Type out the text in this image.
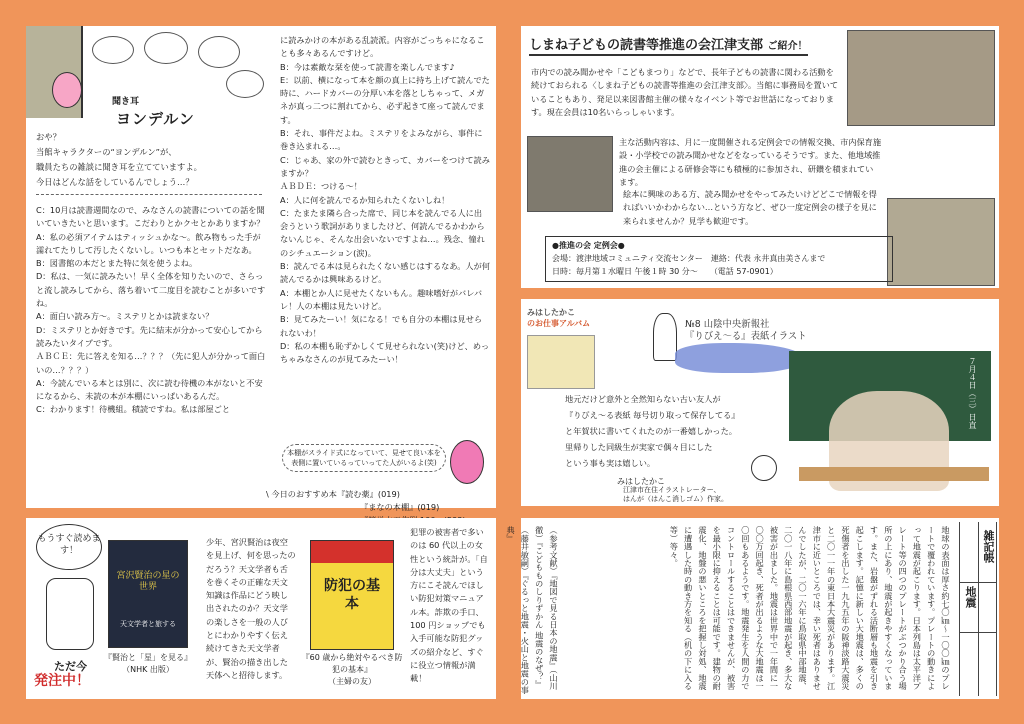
聞き耳
ヨンデルン
おや？
当館キャラクターの“ヨンデルン”が、
職員たちの雑談に聞き耳を立てていますよ。
今日はどんな話をしているんでしょう…？
C：10月は読書週間なので、みなさんの読書についての話を聞いていきたいと思います。こだわりとかクセとかありますか？
A：私の必須アイテムはティッシュかな〜。飲み物もった手が濡れてたりして汚したくないし。いつも本とセットだなあ。
B：図書館の本だとまた特に気を使うよね。
D：私は、一気に読みたい！早く全体を知りたいので、さらっと流し読みしてから、落ち着いて二度目を読むことが多いですね。
A：面白い読み方〜。ミステリとかは読まない？
D：ミステリとか好きです。先に結末が分かって安心してから読みたいタイプです。
ＡＢＣＥ：先に答えを知る…？？？（先に犯人が分かって面白いの…？？？）
A：今読んでいる本とは別に、次に読む待機の本がないと不安になるから、未読の本が本棚にいっぱいあるんだ。
C：わかります！待機組。積読ですね。私は部屋ごと
に読みかけの本がある乱読派。内容がごっちゃになることも多々あるんですけど。
B：今は素敵な栞を使って読書を楽しんでます♪
E：以前、横になって本を顔の真上に持ち上げて読んでた時に、ハードカバーの分厚い本を落としちゃって、メガネが真っ二つに割れてから、必ず起きて座って読んでます。
B：それ、事件だよね。ミステリをよみながら、事件に巻き込まれる…。
C：じゃあ、家の外で読むときって、カバーをつけて読みますか？
ＡＢＤＥ：つける〜！
A：人に何を読んでるか知られたくないしね！
C：たまたま隣ら合った席で、同じ本を読んでる人に出会うという歌詞がありましたけど、何読んでるかわからないんじゃ、そんな出会いないですよね…。残念、憧れのシチュエーション(涙)。
B：読んでる本は見られたくない感じはするなあ。人が何読んでるかは興味あるけど。
A：本棚とか人に見せたくないもん。趣味嗜好がバレバレ！人の本棚は見たいけど。
B：見てみたーい！気になる！でも自分の本棚は見せられないわ！
D：私の本棚も恥ずかしくて見せられない(笑)けど、めっちゃみなさんのが見てみたーい！
本棚がスライド式になっていて、見せて良い本を表側に置いているっていってた人がいるよ(笑)
\ 今日のおすすめ本『読む薬』(019)
『まなの本棚』(019)
しまね子どもの読書等推進の会江津支部 ご紹介！
市内での読み聞かせや「こどもまつり」などで、長年子どもの読書に関わる活動を続けておられる〈しまね子どもの読書等推進の会江津支部〉。当館に事務局を置いていることもあり、発足以来図書館主催の様々なイベント等でお世話になっております。現在会員は10名いらっしゃいます。
主な活動内容は、月に一度開催される定例会での情報交換、市内保育施設・小学校での読み聞かせなどをなっているそうです。また、他地域推進の会主催による研修会等にも積極的に参加され、研鑽を積まれています。
絵本に興味のある方、読み聞かせをやってみたいけどどこで情報を得ればいいかわからない…という方など、ぜひ一度定例会の様子を見に来られませんか？見学も歓迎です。
●推進の会 定例会●
会場：渡津地域コミュニティ交流センター　 連絡：代表 永井真由美さんまで
日時：毎月第１水曜日 午後１時 30 分〜　　 （電話 57-0901）
みはしたかこ
のお仕事アルバム	№8 山陰中央新報社
『りびえ〜る』表紙イラスト
７月４日（三）日直
地元だけど意外と全然知らない古い友人が
『りびえ〜る表紙 毎号切り取って保存してる』
と年賀状に書いてくれたのが一番嬉しかった。
里帰りした同級生が実家で偶々目にした
という事も実は嬉しい。
みはしたかこ
江津市在住イラストレーター、
はんが（はんこ消しゴム）作家。
もうすぐ読めます！
ただ今
発注中！
宮沢賢治の星の世界
天文学者と旅する
『賢治と「星」を見る』
（NHK 出版）
少年、宮沢賢治は夜空を見上げ、何を思ったのだろう？天文学者も舌を巻くその正確な天文知識は作品にどう映し出されたのか？天文学の楽しさを一般の人びとにわかりやすく伝え続けてきた天文学者が、賢治の描き出した天体へと招待します。
防犯の基本
『60 歳から絶対やるべき防犯の基本』
（主婦の友）
犯罪の被害者で多いのは 60 代以上の女性という統計が。「自分は大丈夫」という方にこそ読んでほしい防犯対策マニュアル本。詐欺の手口、100 円ショップでも入手可能な防犯グッズの紹介など、すぐに役立つ情報が満載！	（参考文献）『地図で見る日本の地震』（山川徹）『こどもものしりずかん 地震のなぜ？』（藤井敏嗣）『ぐるっと地震・火山と地震の事典』	地球の表面は厚さ約七〇㎞〜一〇〇㎞のプレートで覆われています。プレートの動きによって地震が起こります。日本列島は太平洋プレート等の四つのプレートがぶつかり合う場所の上にあり、地震が起きやすくなっています。また、岩盤がずれる活断層も地震を引き起こします。記憶に新しい大地震は、多くの死傷者を出した一九九五年の阪神淡路大震災と二〇一一年の東日本大震災があります。江津市に近いところでは、幸い死者はありませんでしたが、二〇一六年に鳥取県中部地震、二〇一八年に島根県西部地震が起き、多大な被害が出ました。地震は世界中で一年間に一〇〇万回起き、死者が出るような大地震は一〇回もあるようです。地震発生を人間の力でコントロールすることはできませんが、被害を最小限に抑えることは可能です。建物の耐震化、地盤の悪いところを把握し対処、地震に遭遇した時の動き方を知る（机の下に入る等）等々。	雑記帳
地震
